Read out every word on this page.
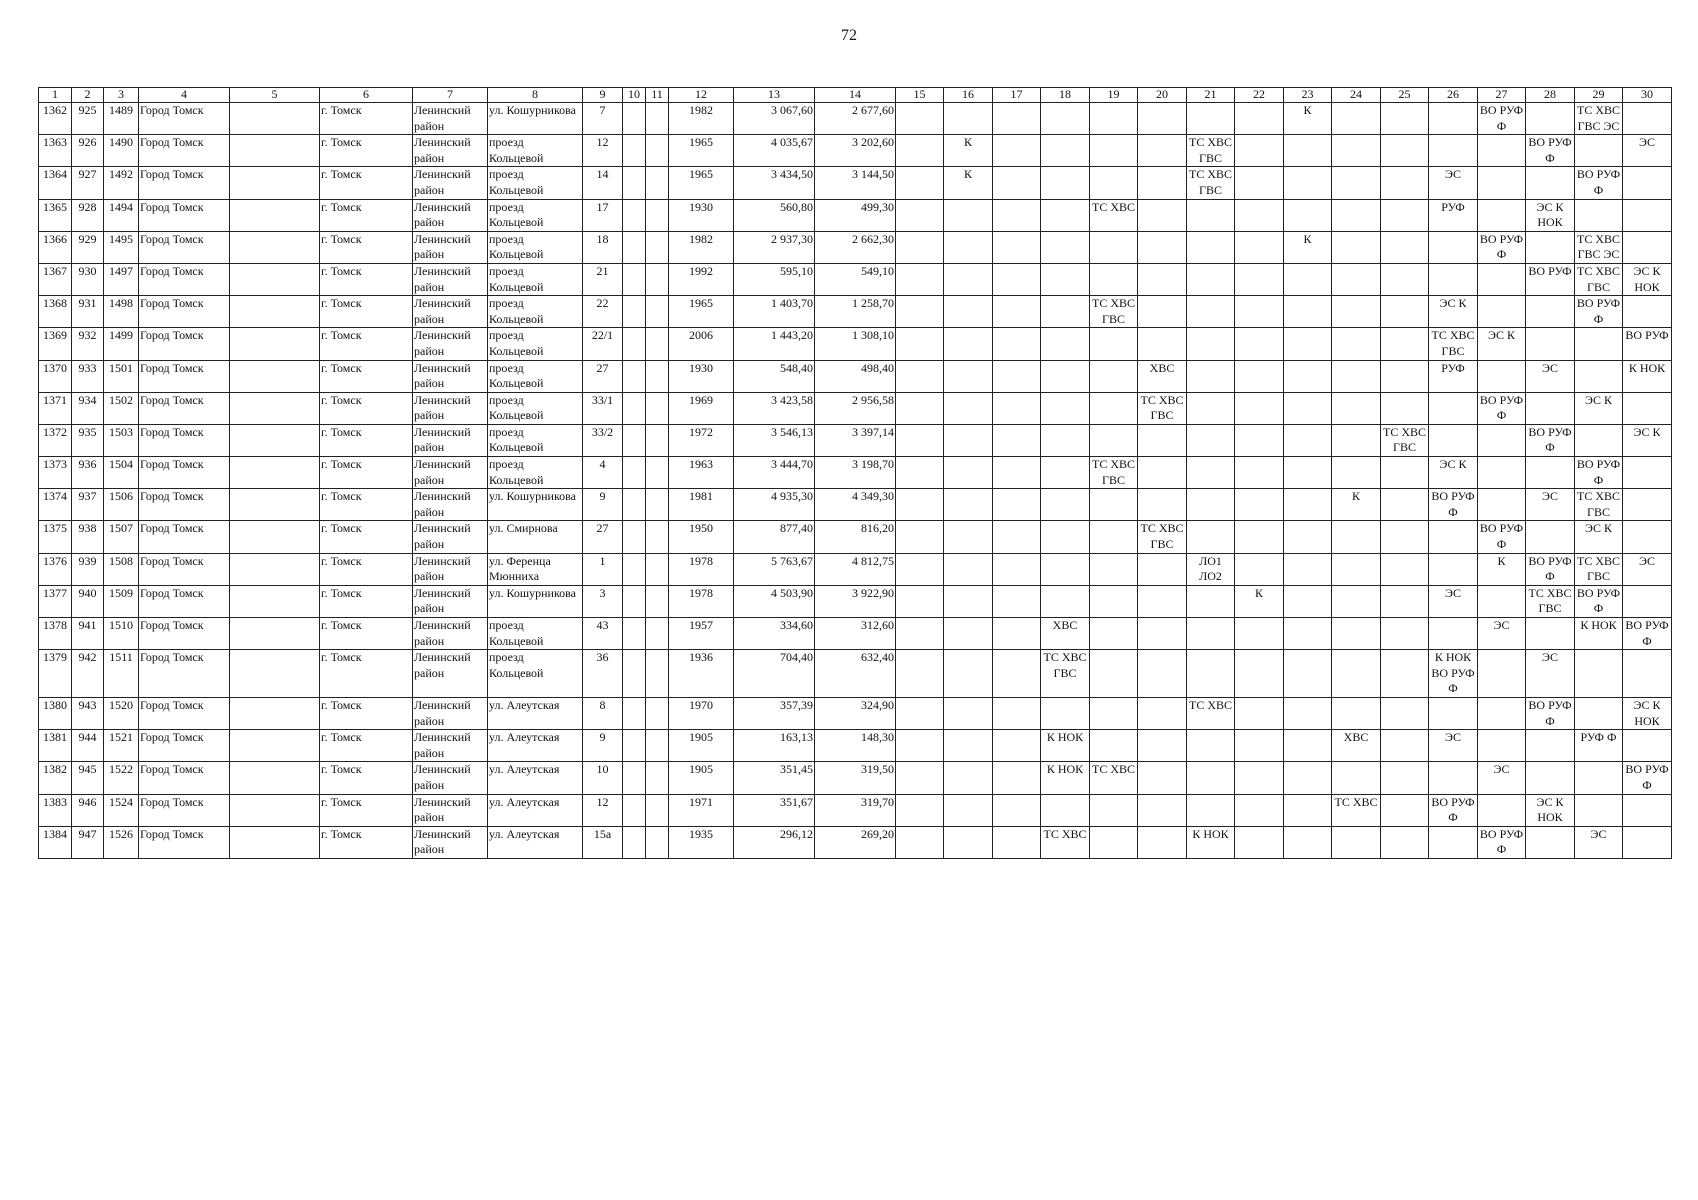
72
1	2	3	4	5	6	7	8	9	10	11	12	13	14	15	16	17	18	19	20	21	22	23	24	25	26	27	28	29	30
1362	925	1489	Город Томск		г. Томск	Ленинский район	ул. Кошурникова	7			1982	3 067,60	2 677,60									К				ВО РУФ Ф		ТС ХВС ГВС ЭС	
1363	926	1490	Город Томск		г. Томск	Ленинский район	проезд Кольцевой	12			1965	4 035,67	3 202,60		К					ТС ХВС ГВС							ВО РУФ Ф		ЭС
1364	927	1492	Город Томск		г. Томск	Ленинский район	проезд Кольцевой	14			1965	3 434,50	3 144,50		К					ТС ХВС ГВС					ЭС			ВО РУФ Ф	
1365	928	1494	Город Томск		г. Томск	Ленинский район	проезд Кольцевой	17			1930	560,80	499,30					ТС ХВС							РУФ		ЭС К НОК		
1366	929	1495	Город Томск		г. Томск	Ленинский район	проезд Кольцевой	18			1982	2 937,30	2 662,30									К				ВО РУФ Ф		ТС ХВС ГВС ЭС	
1367	930	1497	Город Томск		г. Томск	Ленинский район	проезд Кольцевой	21			1992	595,10	549,10														ВО РУФ	ТС ХВС ГВС	ЭС К НОК
1368	931	1498	Город Томск		г. Томск	Ленинский район	проезд Кольцевой	22			1965	1 403,70	1 258,70					ТС ХВС ГВС							ЭС К			ВО РУФ Ф	
1369	932	1499	Город Томск		г. Томск	Ленинский район	проезд Кольцевой	22/1			2006	1 443,20	1 308,10												ТС ХВС ГВС	ЭС К			ВО РУФ
1370	933	1501	Город Томск		г. Томск	Ленинский район	проезд Кольцевой	27			1930	548,40	498,40						ХВС						РУФ		ЭС		К НОК
1371	934	1502	Город Томск		г. Томск	Ленинский район	проезд Кольцевой	33/1			1969	3 423,58	2 956,58						ТС ХВС ГВС							ВО РУФ Ф		ЭС К	
1372	935	1503	Город Томск		г. Томск	Ленинский район	проезд Кольцевой	33/2			1972	3 546,13	3 397,14											ТС ХВС ГВС			ВО РУФ Ф		ЭС К
1373	936	1504	Город Томск		г. Томск	Ленинский район	проезд Кольцевой	4			1963	3 444,70	3 198,70					ТС ХВС ГВС							ЭС К			ВО РУФ Ф	
1374	937	1506	Город Томск		г. Томск	Ленинский район	ул. Кошурникова	9			1981	4 935,30	4 349,30										К		ВО РУФ Ф		ЭС	ТС ХВС ГВС	
1375	938	1507	Город Томск		г. Томск	Ленинский район	ул. Смирнова	27			1950	877,40	816,20						ТС ХВС ГВС							ВО РУФ Ф		ЭС К	
1376	939	1508	Город Томск		г. Томск	Ленинский район	ул. Ференца Мюнниха	1			1978	5 763,67	4 812,75							ЛО1 ЛО2						К	ВО РУФ Ф	ТС ХВС ГВС	ЭС
1377	940	1509	Город Томск		г. Томск	Ленинский район	ул. Кошурникова	3			1978	4 503,90	3 922,90								К				ЭС		ТС ХВС ГВС	ВО РУФ Ф	
1378	941	1510	Город Томск		г. Томск	Ленинский район	проезд Кольцевой	43			1957	334,60	312,60				ХВС									ЭС		К НОК	ВО РУФ Ф
1379	942	1511	Город Томск		г. Томск	Ленинский район	проезд Кольцевой	36			1936	704,40	632,40				ТС ХВС ГВС								К НОК ВО РУФ Ф		ЭС		
1380	943	1520	Город Томск		г. Томск	Ленинский район	ул. Алеутская	8			1970	357,39	324,90							ТС ХВС							ВО РУФ Ф		ЭС К НОК
1381	944	1521	Город Томск		г. Томск	Ленинский район	ул. Алеутская	9			1905	163,13	148,30				К НОК						ХВС		ЭС			РУФ Ф	
1382	945	1522	Город Томск		г. Томск	Ленинский район	ул. Алеутская	10			1905	351,45	319,50				К НОК	ТС ХВС								ЭС			ВО РУФ Ф
1383	946	1524	Город Томск		г. Томск	Ленинский район	ул. Алеутская	12			1971	351,67	319,70										ТС ХВС		ВО РУФ Ф		ЭС К НОК		
1384	947	1526	Город Томск		г. Томск	Ленинский район	ул. Алеутская	15а			1935	296,12	269,20				ТС ХВС			К НОК						ВО РУФ Ф		ЭС	
